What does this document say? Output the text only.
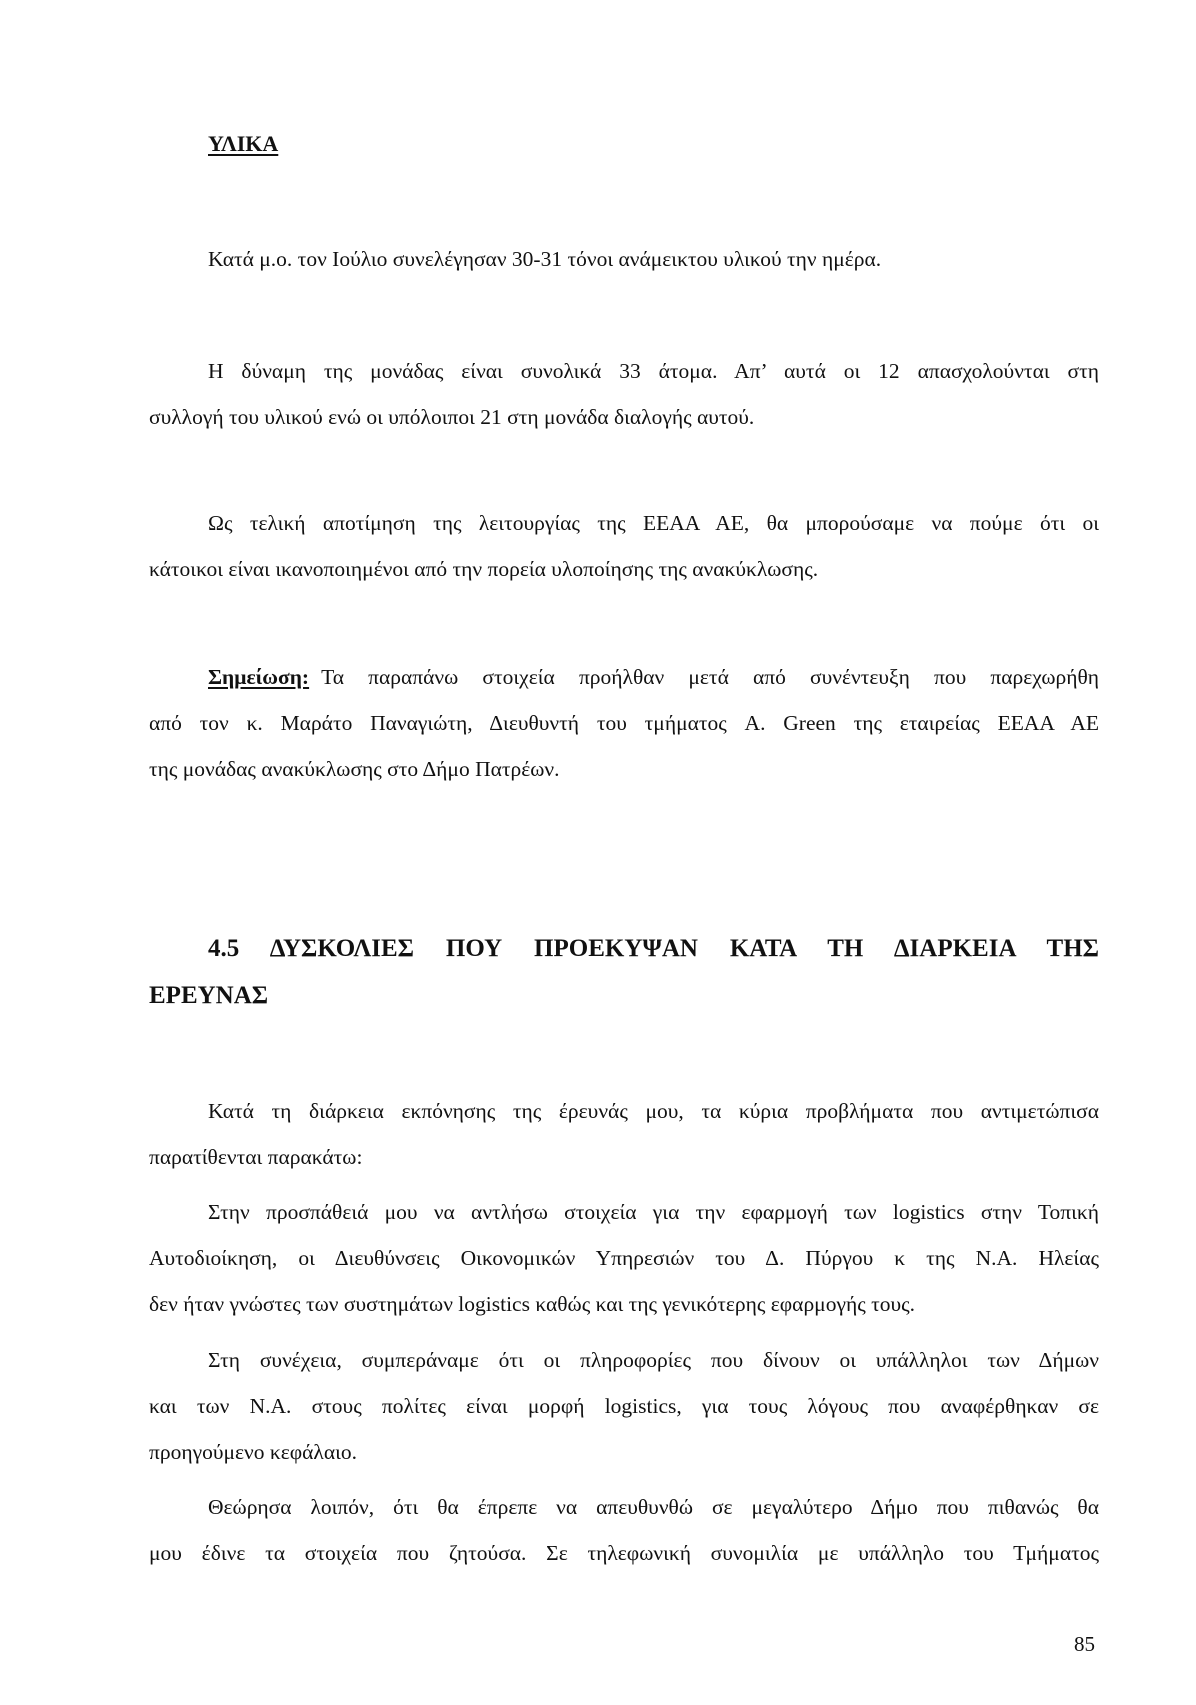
ΥΛΙΚΑ
Κατά μ.ο. τον Ιούλιο συνελέγησαν 30-31 τόνοι ανάμεικτου υλικού την ημέρα.
Η δύναμη της μονάδας είναι συνολικά 33 άτομα. Απ’ αυτά οι 12 απασχολούνται στη
συλλογή του υλικού ενώ οι υπόλοιποι 21 στη μονάδα διαλογής αυτού.
Ως τελική αποτίμηση της λειτουργίας της ΕΕΑΑ ΑΕ, θα μπορούσαμε να πούμε ότι οι
κάτοικοι είναι ικανοποιημένοι από την πορεία υλοποίησης της ανακύκλωσης.
Σημείωση: Τα παραπάνω στοιχεία προήλθαν μετά από συνέντευξη που παρεχωρήθη
από τον κ. Μαράτο Παναγιώτη, Διευθυντή του τμήματος A. Green της εταιρείας ΕΕΑΑ ΑΕ
της μονάδας ανακύκλωσης στο Δήμο Πατρέων.
4.5 ΔΥΣΚΟΛΙΕΣ ΠΟΥ ΠΡΟΕΚΥΨΑΝ ΚΑΤΑ ΤΗ ΔΙΑΡΚΕΙΑ ΤΗΣ
ΕΡΕΥΝΑΣ
Κατά τη διάρκεια εκπόνησης της έρευνάς μου, τα κύρια προβλήματα που αντιμετώπισα
παρατίθενται παρακάτω:
Στην προσπάθειά μου να αντλήσω στοιχεία για την εφαρμογή των logistics στην Τοπική
Αυτοδιοίκηση, οι Διευθύνσεις Οικονομικών Υπηρεσιών του Δ. Πύργου κ της Ν.Α. Ηλείας
δεν ήταν γνώστες των συστημάτων logistics καθώς και της γενικότερης εφαρμογής τους.
Στη συνέχεια, συμπεράναμε ότι οι πληροφορίες που δίνουν οι υπάλληλοι των Δήμων
και των Ν.Α. στους πολίτες είναι μορφή logistics, για τους λόγους που αναφέρθηκαν σε
προηγούμενο κεφάλαιο.
Θεώρησα λοιπόν, ότι θα έπρεπε να απευθυνθώ σε μεγαλύτερο Δήμο που πιθανώς θα
μου έδινε τα στοιχεία που ζητούσα. Σε τηλεφωνική συνομιλία με υπάλληλο του Τμήματος
85
